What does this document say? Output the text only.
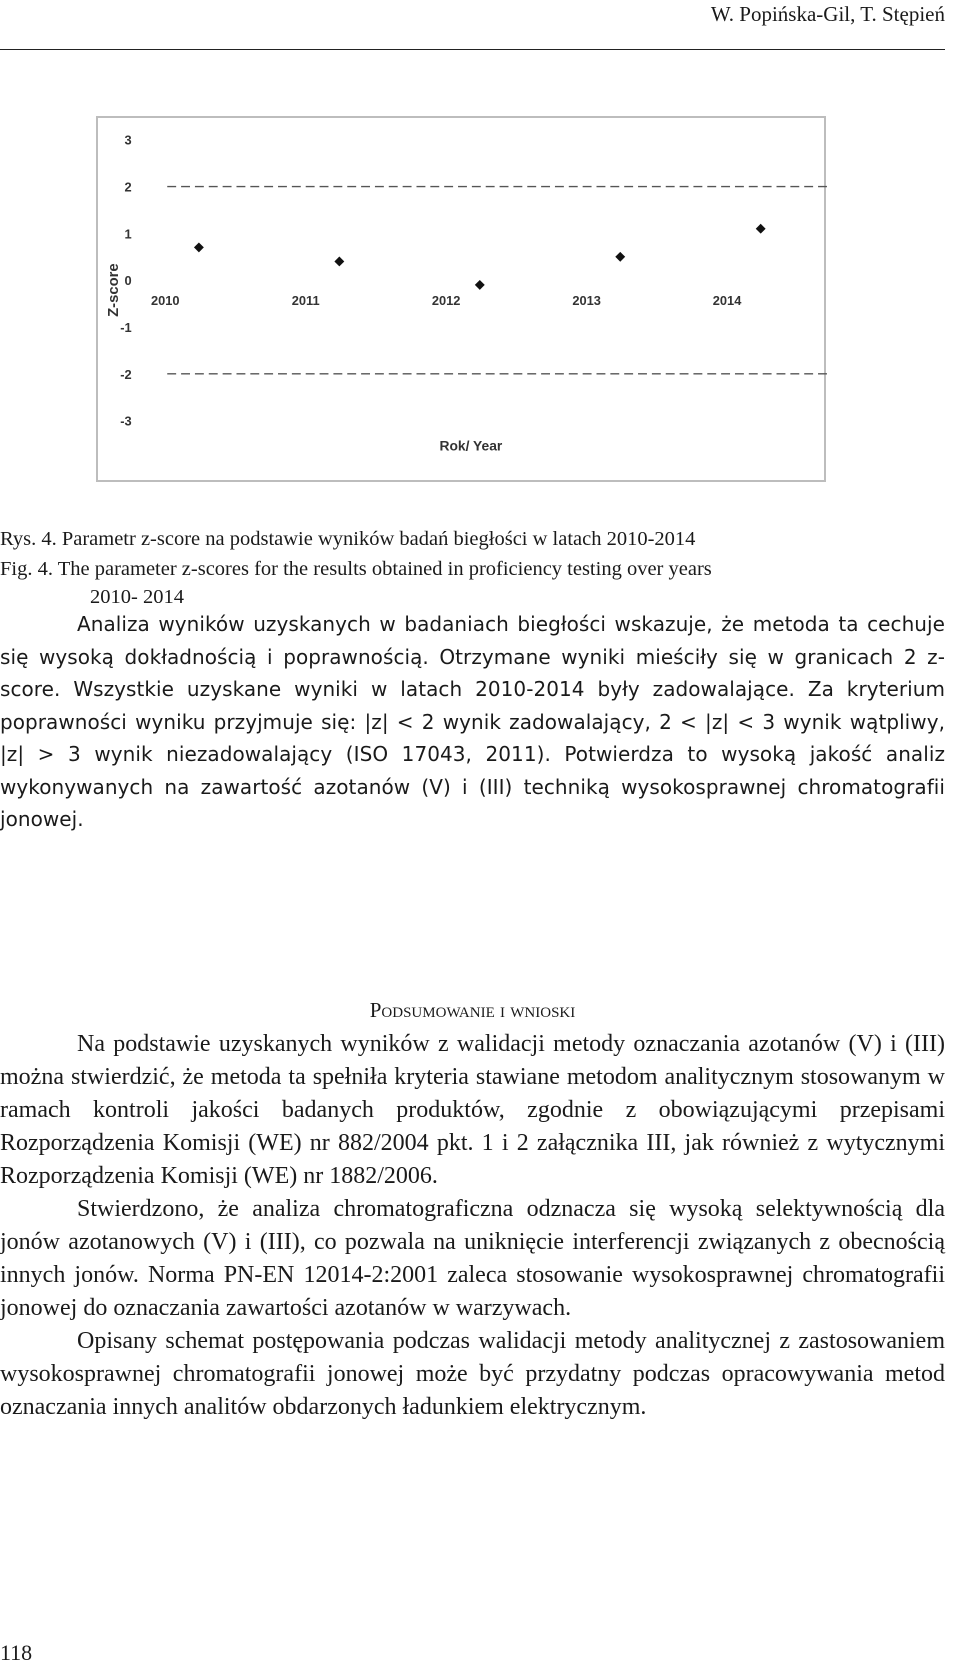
W. Popińska-Gil, T. Stępień
3
2
1
0
-1
-2
-3
Z-score 2010	2011	2012	2013	2014
Rok/ Year
Rys. 4. Parametr z-score na podstawie wyników badań biegłości w latach 2010-2014
Fig. 4. The parameter z-scores for the results obtained in proficiency testing over years
2010- 2014

Analiza wyników uzyskanych w badaniach biegłości wskazuje, że metoda ta cechuje się wysoką dokładnością i poprawnością. Otrzymane wyniki mieściły się w granicach 2 z-score. Wszystkie uzyskane wyniki w latach 2010-2014 były zadowalające. Za kryterium poprawności wyniku przyjmuje się: |z| < 2 wynik zadowalający, 2 < |z| < 3 wynik wątpliwy, |z| > 3 wynik niezadowalający (ISO 17043, 2011). Potwierdza to wysoką jakość analiz wykonywanych na zawartość azotanów (V) i (III) techniką wysokosprawnej chromatografii jonowej.

Podsumowanie i wnioski

Na podstawie uzyskanych wyników z walidacji metody oznaczania azotanów (V) i (III) można stwierdzić, że metoda ta spełniła kryteria stawiane metodom analitycznym stosowanym w ramach kontroli jakości badanych produktów, zgodnie z obowiązującymi przepisami Rozporządzenia Komisji (WE) nr 882/2004 pkt. 1 i 2 załącznika III, jak również z wytycznymi Rozporządzenia Komisji (WE) nr 1882/2006.

Stwierdzono, że analiza chromatograficzna odznacza się wysoką selektywnością dla jonów azotanowych (V) i (III), co pozwala na uniknięcie interferencji związanych z obecnością innych jonów. Norma PN-EN 12014-2:2001 zaleca stosowanie wysokosprawnej chromatografii jonowej do oznaczania zawartości azotanów w warzywach.

Opisany schemat postępowania podczas walidacji metody analitycznej z zastosowaniem wysokosprawnej chromatografii jonowej może być przydatny podczas opracowywania metod oznaczania innych analitów obdarzonych ładunkiem elektrycznym.

118
